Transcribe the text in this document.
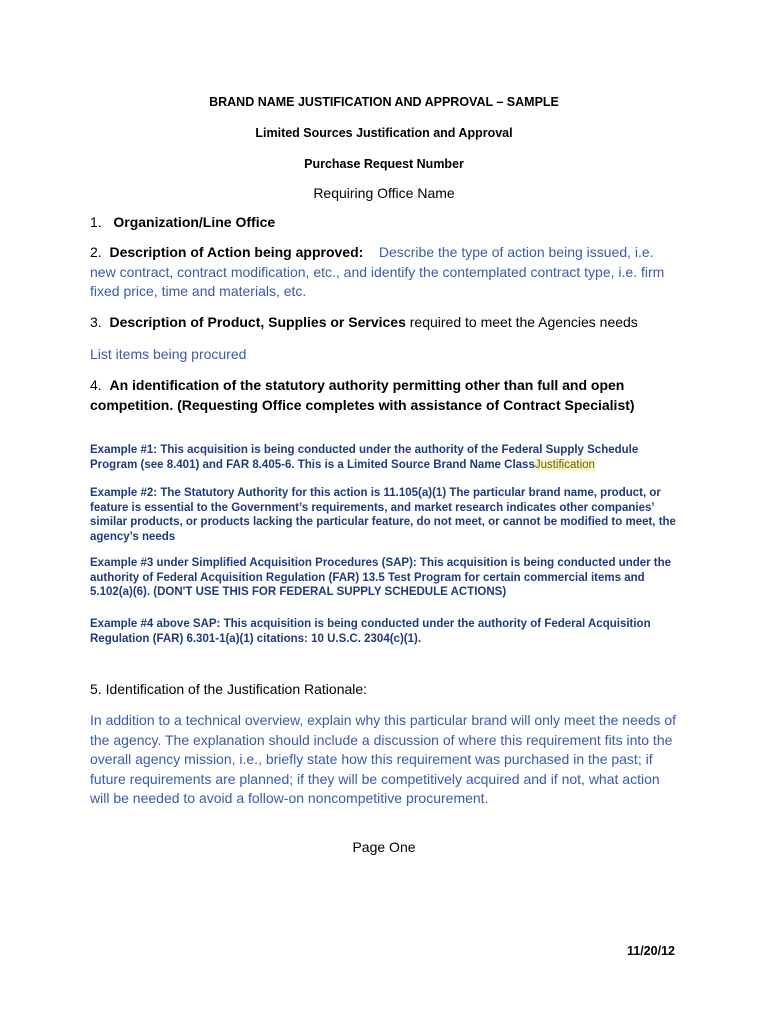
BRAND NAME JUSTIFICATION AND APPROVAL – SAMPLE
Limited Sources Justification and Approval
Purchase Request Number
Requiring Office Name
1. Organization/Line Office
2. Description of Action being approved: Describe the type of action being issued, i.e. new contract, contract modification, etc., and identify the contemplated contract type, i.e. firm fixed price, time and materials, etc.
3. Description of Product, Supplies or Services required to meet the Agencies needs
List items being procured
4. An identification of the statutory authority permitting other than full and open competition. (Requesting Office completes with assistance of Contract Specialist)
Example #1: This acquisition is being conducted under the authority of the Federal Supply Schedule Program (see 8.401) and FAR 8.405-6. This is a Limited Source Brand Name ClassJustification
Example #2: The Statutory Authority for this action is 11.105(a)(1) The particular brand name, product, or feature is essential to the Government’s requirements, and market research indicates other companies’ similar products, or products lacking the particular feature, do not meet, or cannot be modified to meet, the agency’s needs
Example #3 under Simplified Acquisition Procedures (SAP): This acquisition is being conducted under the authority of Federal Acquisition Regulation (FAR) 13.5 Test Program for certain commercial items and 5.102(a)(6). (DON'T USE THIS FOR FEDERAL SUPPLY SCHEDULE ACTIONS)
Example #4 above SAP: This acquisition is being conducted under the authority of Federal Acquisition Regulation (FAR) 6.301-1(a)(1) citations: 10 U.S.C. 2304(c)(1).
5. Identification of the Justification Rationale:
In addition to a technical overview, explain why this particular brand will only meet the needs of the agency. The explanation should include a discussion of where this requirement fits into the overall agency mission, i.e., briefly state how this requirement was purchased in the past; if future requirements are planned; if they will be competitively acquired and if not, what action will be needed to avoid a follow-on noncompetitive procurement.
Page One
11/20/12
